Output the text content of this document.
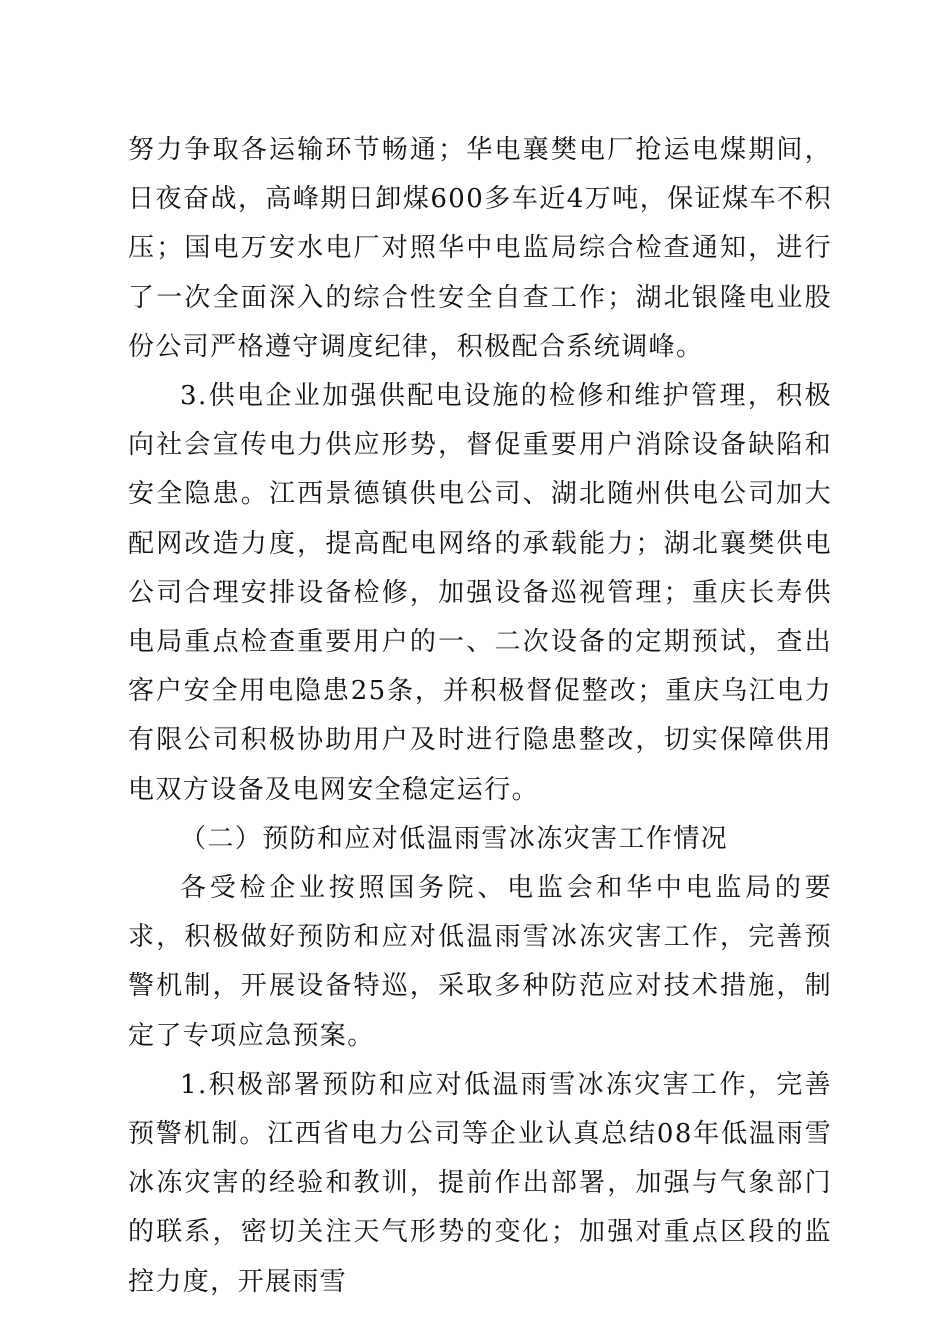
努力争取各运输环节畅通；华电襄樊电厂抢运电煤期间，日夜奋战，高峰期日卸煤600多车近4万吨，保证煤车不积压；国电万安水电厂对照华中电监局综合检查通知，进行了一次全面深入的综合性安全自查工作；湖北银隆电业股份公司严格遵守调度纪律，积极配合系统调峰。

3.供电企业加强供配电设施的检修和维护管理，积极向社会宣传电力供应形势，督促重要用户消除设备缺陷和安全隐患。江西景德镇供电公司、湖北随州供电公司加大配网改造力度，提高配电网络的承载能力；湖北襄樊供电公司合理安排设备检修，加强设备巡视管理；重庆长寿供电局重点检查重要用户的一、二次设备的定期预试，查出客户安全用电隐患25条，并积极督促整改；重庆乌江电力有限公司积极协助用户及时进行隐患整改，切实保障供用电双方设备及电网安全稳定运行。

（二）预防和应对低温雨雪冰冻灾害工作情况

各受检企业按照国务院、电监会和华中电监局的要求，积极做好预防和应对低温雨雪冰冻灾害工作，完善预警机制，开展设备特巡，采取多种防范应对技术措施，制定了专项应急预案。

1.积极部署预防和应对低温雨雪冰冻灾害工作，完善预警机制。江西省电力公司等企业认真总结08年低温雨雪冰冻灾害的经验和教训，提前作出部署，加强与气象部门的联系，密切关注天气形势的变化；加强对重点区段的监控力度，开展雨雪
